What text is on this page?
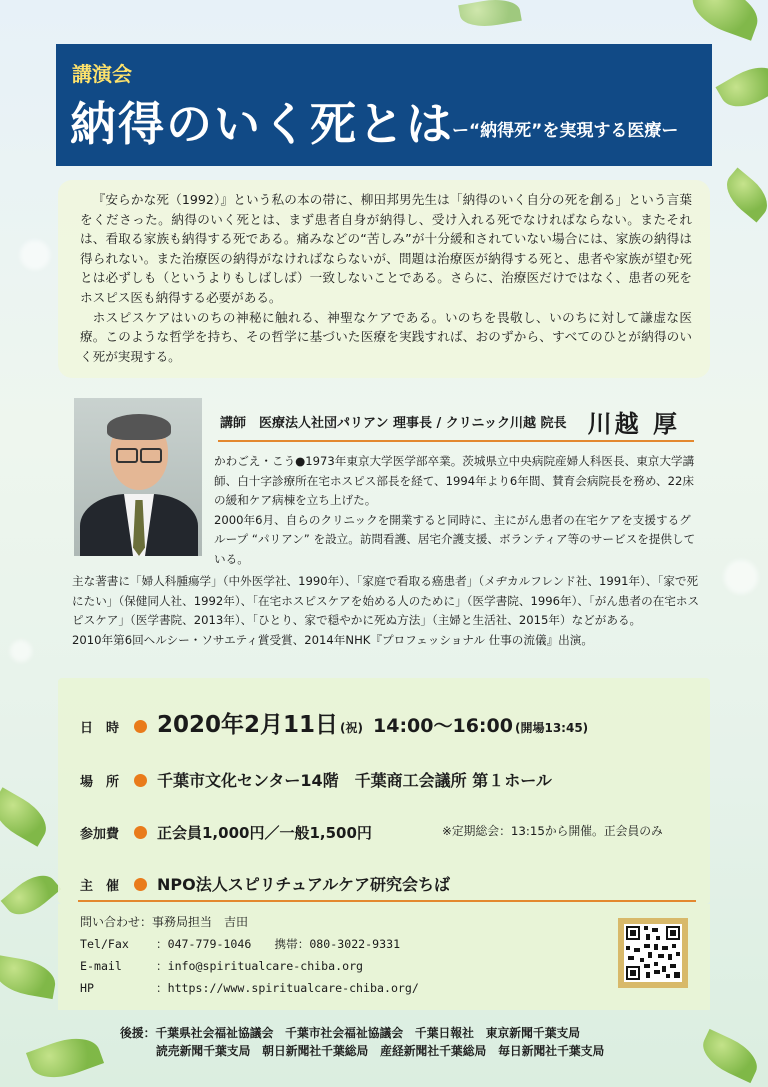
講演会
納得のいく死とは
ー“納得死”を実現する医療ー

『安らかな死（1992）』という私の本の帯に、柳田邦男先生は「納得のいく自分の死を創る」という言葉をくださった。納得のいく死とは、まず患者自身が納得し、受け入れる死でなければならない。またそれは、看取る家族も納得する死である。痛みなどの“苦しみ”が十分緩和されていない場合には、家族の納得は得られない。また治療医の納得がなければならないが、問題は治療医が納得する死と、患者や家族が望む死とは必ずしも（というよりもしばしば）一致しないことである。さらに、治療医だけではなく、患者の死をホスピス医も納得する必要がある。

ホスピスケアはいのちの神秘に触れる、神聖なケアである。いのちを畏敬し、いのちに対して謙虚な医療。このような哲学を持ち、その哲学に基づいた医療を実践すれば、おのずから、すべてのひとが納得のいく死が実現する。

講師　医療法人社団パリアン 理事長 / クリニック川越 院長 川越 厚

かわごえ・こう●1973年東京大学医学部卒業。茨城県立中央病院産婦人科医長、東京大学講師、白十字診療所在宅ホスピス部長を経て、1994年より6年間、賛育会病院長を務め、22床の緩和ケア病棟を立ち上げた。

2000年6月、自らのクリニックを開業すると同時に、主にがん患者の在宅ケアを支援するグループ “パリアン” を設立。訪問看護、居宅介護支援、ボランティア等のサービスを提供している。

主な著書に「婦人科腫瘍学」（中外医学社、1990年）、「家庭で看取る癌患者」（メヂカルフレンド社、1991年）、「家で死にたい」（保健同人社、1992年）、「在宅ホスピスケアを始める人のために」（医学書院、1996年）、「がん患者の在宅ホスピスケア」（医学書院、2013年）、「ひとり、家で穏やかに死ぬ方法」（主婦と生活社、2015年）などがある。

2010年第6回ヘルシー・ソサエティ賞受賞、2014年NHK『プロフェッショナル 仕事の流儀』出演。

日　時	2020年2月11日 (祝) 14:00～16:00 (開場13:45)
場　所	千葉市文化センター14階　千葉商工会議所 第１ホール
参加費	正会員1,000円／一般1,500円	※定期総会：13:15から開催。正会員のみ
主　催	NPO法人スピリチュアルケア研究会ちば
問い合わせ：事務局担当　吉田
Tel/Fax ：047-779-1046　　携帯：080-3022-9331
E-mail	：info@spiritualcare-chiba.org
HP	：https://www.spiritualcare-chiba.org/
後援：千葉県社会福祉協議会　千葉市社会福祉協議会　千葉日報社　東京新聞千葉支局
読売新聞千葉支局　朝日新聞社千葉総局　産経新聞社千葉総局　毎日新聞社千葉支局
